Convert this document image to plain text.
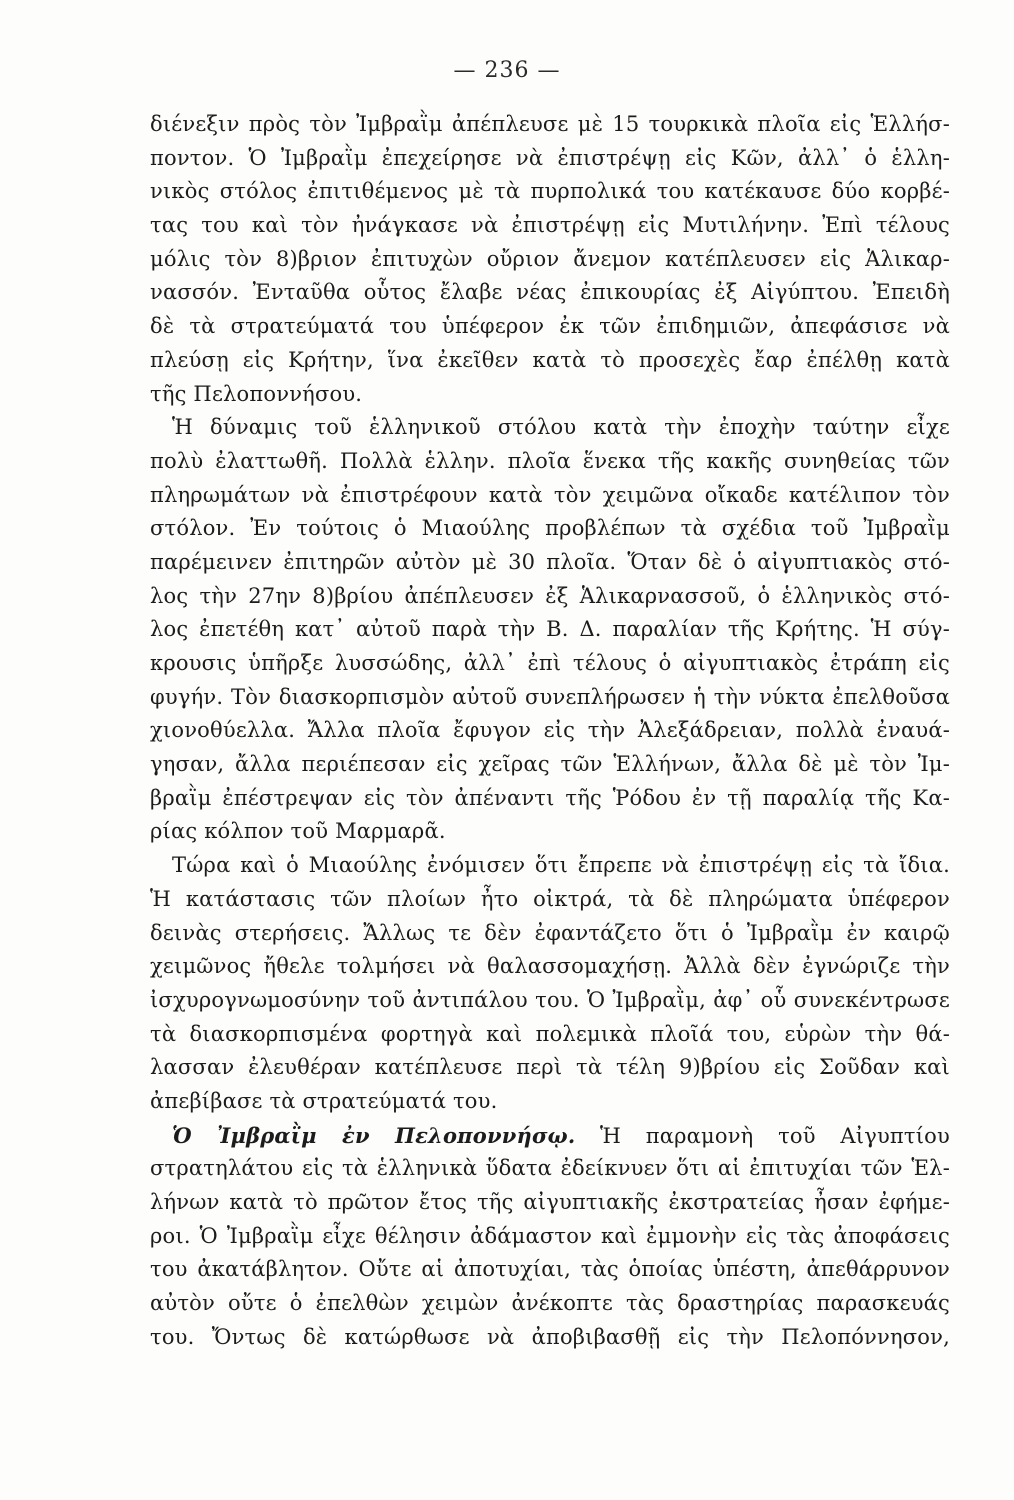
— 236 —
διένεξιν πρὸς τὸν Ἰμβραῒμ ἀπέπλευσε μὲ 15 τουρκικὰ πλοῖα εἰς Ἑλλήσ-
ποντον. Ὁ Ἰμβραῒμ ἐπεχείρησε νὰ ἐπιστρέψῃ εἰς Κῶν, ἀλλ᾽ ὁ ἑλλη-
νικὸς στόλος ἐπιτιθέμενος μὲ τὰ πυρπολικά του κατέκαυσε δύο κορβέ-
τας του καὶ τὸν ἠνάγκασε νὰ ἐπιστρέψῃ εἰς Μυτιλήνην. Ἐπὶ τέλους
μόλις τὸν 8)βριον ἐπιτυχὼν οὔριον ἄνεμον κατέπλευσεν εἰς Ἁλικαρ-
νασσόν. Ἐνταῦθα οὗτος ἔλαβε νέας ἐπικουρίας ἐξ Αἰγύπτου. Ἐπειδὴ
δὲ τὰ στρατεύματά του ὑπέφερον ἐκ τῶν ἐπιδημιῶν, ἀπεφάσισε νὰ
πλεύσῃ εἰς Κρήτην, ἵνα ἐκεῖθεν κατὰ τὸ προσεχὲς ἔαρ ἐπέλθῃ κατὰ
τῆς Πελοποννήσου.
Ἡ δύναμις τοῦ ἑλληνικοῦ στόλου κατὰ τὴν ἐποχὴν ταύτην εἶχε
πολὺ ἐλαττωθῆ. Πολλὰ ἑλλην. πλοῖα ἕνεκα τῆς κακῆς συνηθείας τῶν
πληρωμάτων νὰ ἐπιστρέφουν κατὰ τὸν χειμῶνα οἴκαδε κατέλιπον τὸν
στόλον. Ἐν τούτοις ὁ Μιαούλης προβλέπων τὰ σχέδια τοῦ Ἰμβραῒμ
παρέμεινεν ἐπιτηρῶν αὐτὸν μὲ 30 πλοῖα. Ὅταν δὲ ὁ αἰγυπτιακὸς στό-
λος τὴν 27ην 8)βρίου ἀπέπλευσεν ἐξ Ἁλικαρνασσοῦ, ὁ ἑλληνικὸς στό-
λος ἐπετέθη κατ᾽ αὐτοῦ παρὰ τὴν Β. Δ. παραλίαν τῆς Κρήτης. Ἡ σύγ-
κρουσις ὑπῆρξε λυσσώδης, ἀλλ᾽ ἐπὶ τέλους ὁ αἰγυπτιακὸς ἐτράπη εἰς
φυγήν. Τὸν διασκορπισμὸν αὐτοῦ συνεπλήρωσεν ἡ τὴν νύκτα ἐπελθοῦσα
χιονοθύελλα. Ἄλλα πλοῖα ἔφυγον εἰς τὴν Ἀλεξάδρειαν, πολλὰ ἐναυά-
γησαν, ἄλλα περιέπεσαν εἰς χεῖρας τῶν Ἑλλήνων, ἄλλα δὲ μὲ τὸν Ἰμ-
βραῒμ ἐπέστρεψαν εἰς τὸν ἀπέναντι τῆς Ῥόδου ἐν τῇ παραλίᾳ τῆς Κα-
ρίας κόλπον τοῦ Μαρμαρᾶ.
Τώρα καὶ ὁ Μιαούλης ἐνόμισεν ὅτι ἔπρεπε νὰ ἐπιστρέψῃ εἰς τὰ ἴδια.
Ἡ κατάστασις τῶν πλοίων ἦτο οἰκτρά, τὰ δὲ πληρώματα ὑπέφερον
δεινὰς στερήσεις. Ἄλλως τε δὲν ἐφαντάζετο ὅτι ὁ Ἰμβραῒμ ἐν καιρῷ
χειμῶνος ἤθελε τολμήσει νὰ θαλασσομαχήσῃ. Ἀλλὰ δὲν ἐγνώριζε τὴν
ἰσχυρογνωμοσύνην τοῦ ἀντιπάλου του. Ὁ Ἰμβραῒμ, ἀφ᾽ οὗ συνεκέντρωσε
τὰ διασκορπισμένα φορτηγὰ καὶ πολεμικὰ πλοῖά του, εὑρὼν τὴν θά-
λασσαν ἐλευθέραν κατέπλευσε περὶ τὰ τέλη 9)βρίου εἰς Σοῦδαν καὶ
ἀπεβίβασε τὰ στρατεύματά του.
Ὁ Ἰμβραῒμ ἐν Πελοποννήσῳ. Ἡ παραμονὴ τοῦ Αἰγυπτίου
στρατηλάτου εἰς τὰ ἑλληνικὰ ὕδατα ἐδείκνυεν ὅτι αἱ ἐπιτυχίαι τῶν Ἑλ-
λήνων κατὰ τὸ πρῶτον ἔτος τῆς αἰγυπτιακῆς ἐκστρατείας ἦσαν ἐφήμε-
ροι. Ὁ Ἰμβραῒμ εἶχε θέλησιν ἀδάμαστον καὶ ἐμμονὴν εἰς τὰς ἀποφάσεις
του ἀκατάβλητον. Οὔτε αἱ ἀποτυχίαι, τὰς ὁποίας ὑπέστη, ἀπεθάρρυνον
αὐτὸν οὔτε ὁ ἐπελθὼν χειμὼν ἀνέκοπτε τὰς δραστηρίας παρασκευάς
του. Ὄντως δὲ κατώρθωσε νὰ ἀποβιβασθῇ εἰς τὴν Πελοπόννησον,
